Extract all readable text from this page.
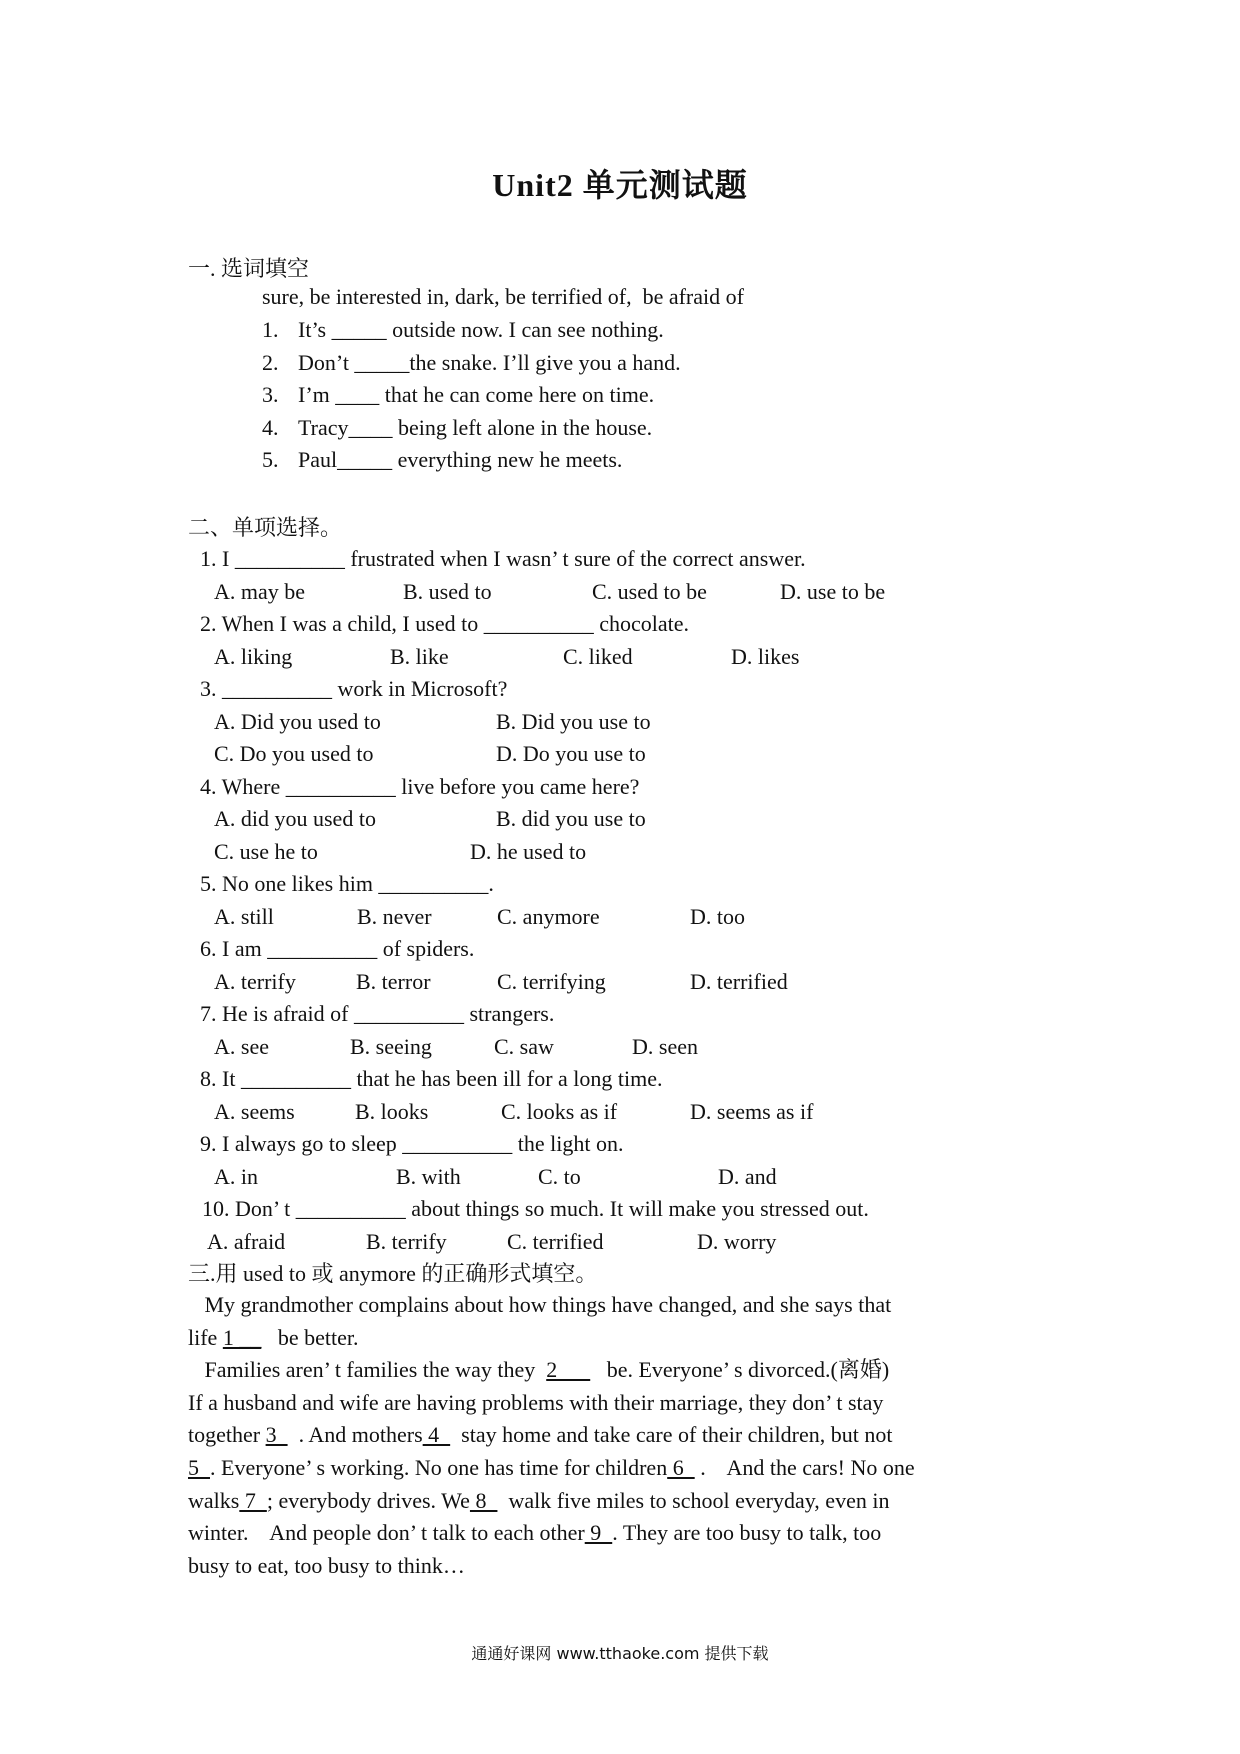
Unit2 单元测试题
一. 选词填空
sure, be interested in, dark, be terrified of,  be afraid of
1. It’s _____ outside now. I can see nothing.
2. Don’t _____the snake. I’ll give you a hand.
3. I’m ____ that he can come here on time.
4. Tracy____ being left alone in the house.
5. Paul_____ everything new he meets.
二、单项选择。
1. I __________ frustrated when I wasn’ t sure of the correct answer.
A. may be	B. used to	C. used to be	D. use to be
2. When I was a child, I used to __________ chocolate.
A. liking	B. like	C. liked	D. likes
3. __________ work in Microsoft?
A. Did you used to	B. Did you use to
C. Do you used to	D. Do you use to
4. Where __________ live before you came here?
A. did you used to	B. did you use to
C. use he to	D. he used to
5. No one likes him __________.
A. still	B. never	C. anymore	D. too
6. I am __________ of spiders.
A. terrify	B. terror	C. terrifying	D. terrified
7. He is afraid of __________ strangers.
A. see	B. seeing	C. saw	D. seen
8. It __________ that he has been ill for a long time.
A. seems	B. looks	C. looks as if	D. seems as if
9. I always go to sleep __________ the light on.
A. in	B. with	C. to	D. and
10. Don’ t __________ about things so much. It will make you stressed out.
A. afraid	B. terrify	C. terrified	D. worry
三.用 used to 或 anymore 的正确形式填空。
My grandmother complains about how things have changed, and she says that
life 1 __   be better.
Families aren’ t families the way they  2         be. Everyone’ s divorced.(离婚)
If a husband and wife are having problems with their marriage, they don’ t stay
together 3    . And mothers 4    stay home and take care of their children, but not
5  . Everyone’ s working. No one has time for children 6   .    And the cars! No one
walks 7  ; everybody drives. We 8    walk five miles to school everyday, even in
winter.    And people don’ t talk to each other 9  . They are too busy to talk, too
busy to eat, too busy to think…
通通好课网 www.tthaoke.com 提供下载
